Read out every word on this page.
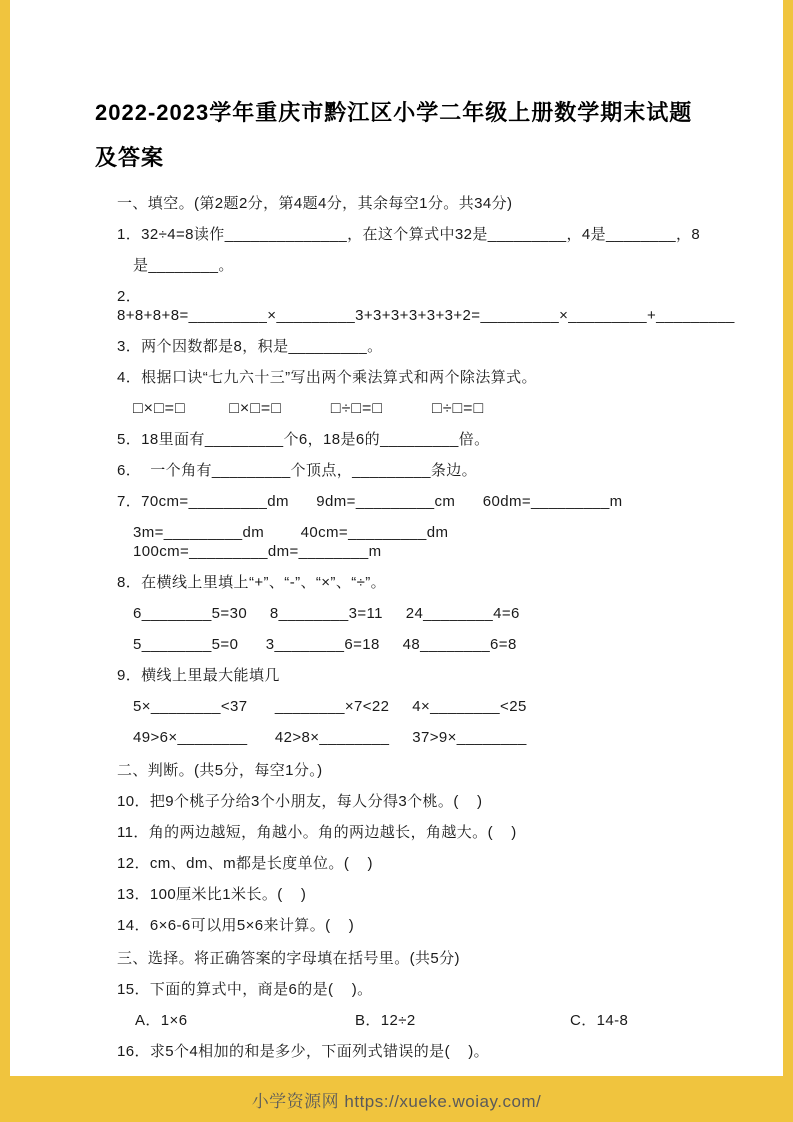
2022-2023学年重庆市黔江区小学二年级上册数学期末试题
及答案
一、填空。(第2题2分，第4题4分，其余每空1分。共34分)
1．32÷4=8读作______________，在这个算式中32是_________，4是________，8
是________。
2．8+8+8+8=_________×_________3+3+3+3+3+3+2=_________×_________+_________
3．两个因数都是8，积是_________。
4．根据口诀“七九六十三”写出两个乘法算式和两个除法算式。
□×□=□        □×□=□         □÷□=□         □÷□=□
5．18里面有_________个6，18是6的_________倍。
6．  一个角有_________个顶点，_________条边。
7．70cm=_________dm      9dm=_________cm      60dm=_________m
3m=_________dm        40cm=_________dm        100cm=_________dm=________m
8．在横线上里填上“+”、“-”、“×”、“÷”。
6________5=30     8________3=11     24________4=6
5________5=0      3________6=18     48________6=8
9．横线上里最大能填几
5×________<37      ________×7<22     4×________<25
49>6×________      42>8×________     37>9×________
二、判断。(共5分，每空1分。)
10．把9个桃子分给3个小朋友，每人分得3个桃。(    )
11．角的两边越短，角越小。角的两边越长，角越大。(    )
12．cm、dm、m都是长度单位。(    )
13．100厘米比1米长。(    )
14．6×6-6可以用5×6来计算。(    )
三、选择。将正确答案的字母填在括号里。(共5分)
15．下面的算式中，商是6的是(    )。
A．1×6	B．12÷2	C．14-8
16．求5个4相加的和是多少，下面列式错误的是(    )。
小学资源网 https://xueke.woiay.com/
